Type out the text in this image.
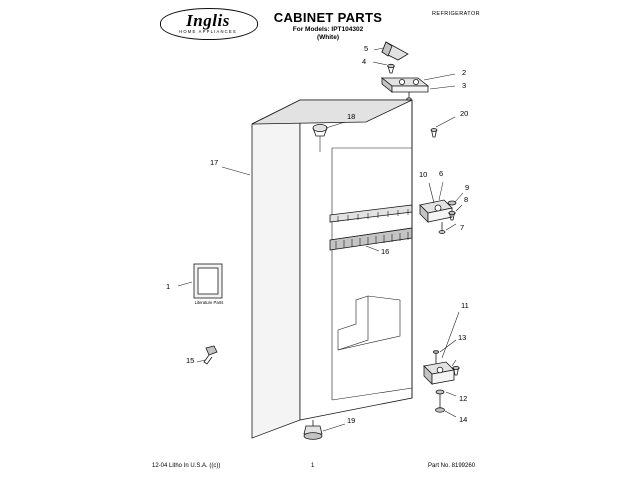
Inglis
HOME APPLIANCES
CABINET PARTS
For Models: IPT104302
(White)
REFRIGERATOR
Literature Parts
1
2
3
4
5
6
7
8
9
10
11
12
13
14
15
16
17
18
19
20
12-04 Litho In U.S.A. ((c))	1	Part No. 8199260
